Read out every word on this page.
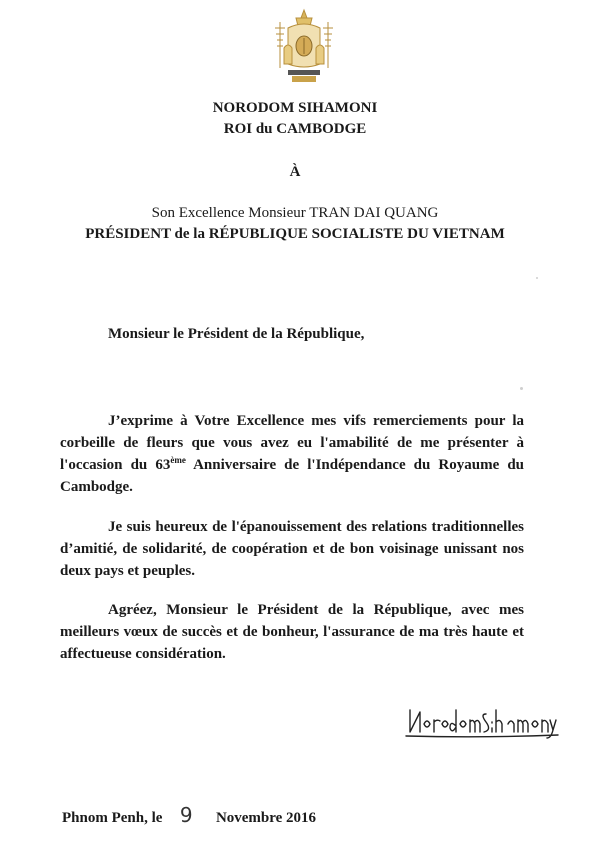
NORODOM SIHAMONI
ROI du CAMBODGE
À
Son Excellence Monsieur TRAN DAI QUANG
PRÉSIDENT de la RÉPUBLIQUE SOCIALISTE DU VIETNAM
Monsieur le Président de la République,
J’exprime à Votre Excellence mes vifs remerciements pour la corbeille de fleurs que vous avez eu l'amabilité de me présenter à l'occasion du 63ème Anniversaire de l'Indépendance du Royaume du Cambodge.
Je suis heureux de l'épanouissement des relations traditionnelles d’amitié, de solidarité, de coopération et de bon voisinage unissant nos deux pays et peuples.
Agréez, Monsieur le Président de la République, avec mes meilleurs vœux de succès et de bonheur, l'assurance de ma très haute et affectueuse considération.
Phnom Penh, le 9 Novembre 2016
